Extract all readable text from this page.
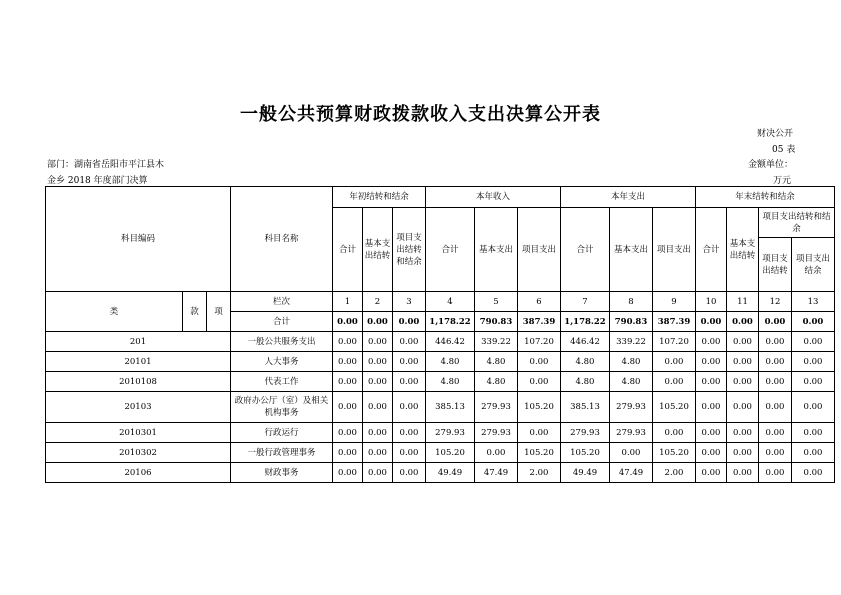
一般公共预算财政拨款收入支出决算公开表
财决公开
05 表
部门：湖南省岳阳市平江县木	金额单位：
金乡 2018 年度部门决算	万元
科目编码			科目名称	年初结转和结余			本年收入			本年支出			年末结转和结余			
				合计	基本支出结转	项目支出结转和结余	合计	基本支出	项目支出	合计	基本支出	项目支出	合计	基本支出结转	项目支出结转和结余	
															项目支出结转	项目支出结余
类	款	项	栏次	1	2	3	4	5	6	7	8	9	10	11	12	13
			合计	0.00	0.00	0.00	1,178.22	790.83	387.39	1,178.22	790.83	387.39	0.00	0.00	0.00	0.00
201			一般公共服务支出	0.00	0.00	0.00	446.42	339.22	107.20	446.42	339.22	107.20	0.00	0.00	0.00	0.00
20101			人大事务	0.00	0.00	0.00	4.80	4.80	0.00	4.80	4.80	0.00	0.00	0.00	0.00	0.00
2010108			代表工作	0.00	0.00	0.00	4.80	4.80	0.00	4.80	4.80	0.00	0.00	0.00	0.00	0.00
20103			政府办公厅（室）及相关机构事务	0.00	0.00	0.00	385.13	279.93	105.20	385.13	279.93	105.20	0.00	0.00	0.00	0.00
2010301			行政运行	0.00	0.00	0.00	279.93	279.93	0.00	279.93	279.93	0.00	0.00	0.00	0.00	0.00
2010302			一般行政管理事务	0.00	0.00	0.00	105.20	0.00	105.20	105.20	0.00	105.20	0.00	0.00	0.00	0.00
20106			财政事务	0.00	0.00	0.00	49.49	47.49	2.00	49.49	47.49	2.00	0.00	0.00	0.00	0.00
